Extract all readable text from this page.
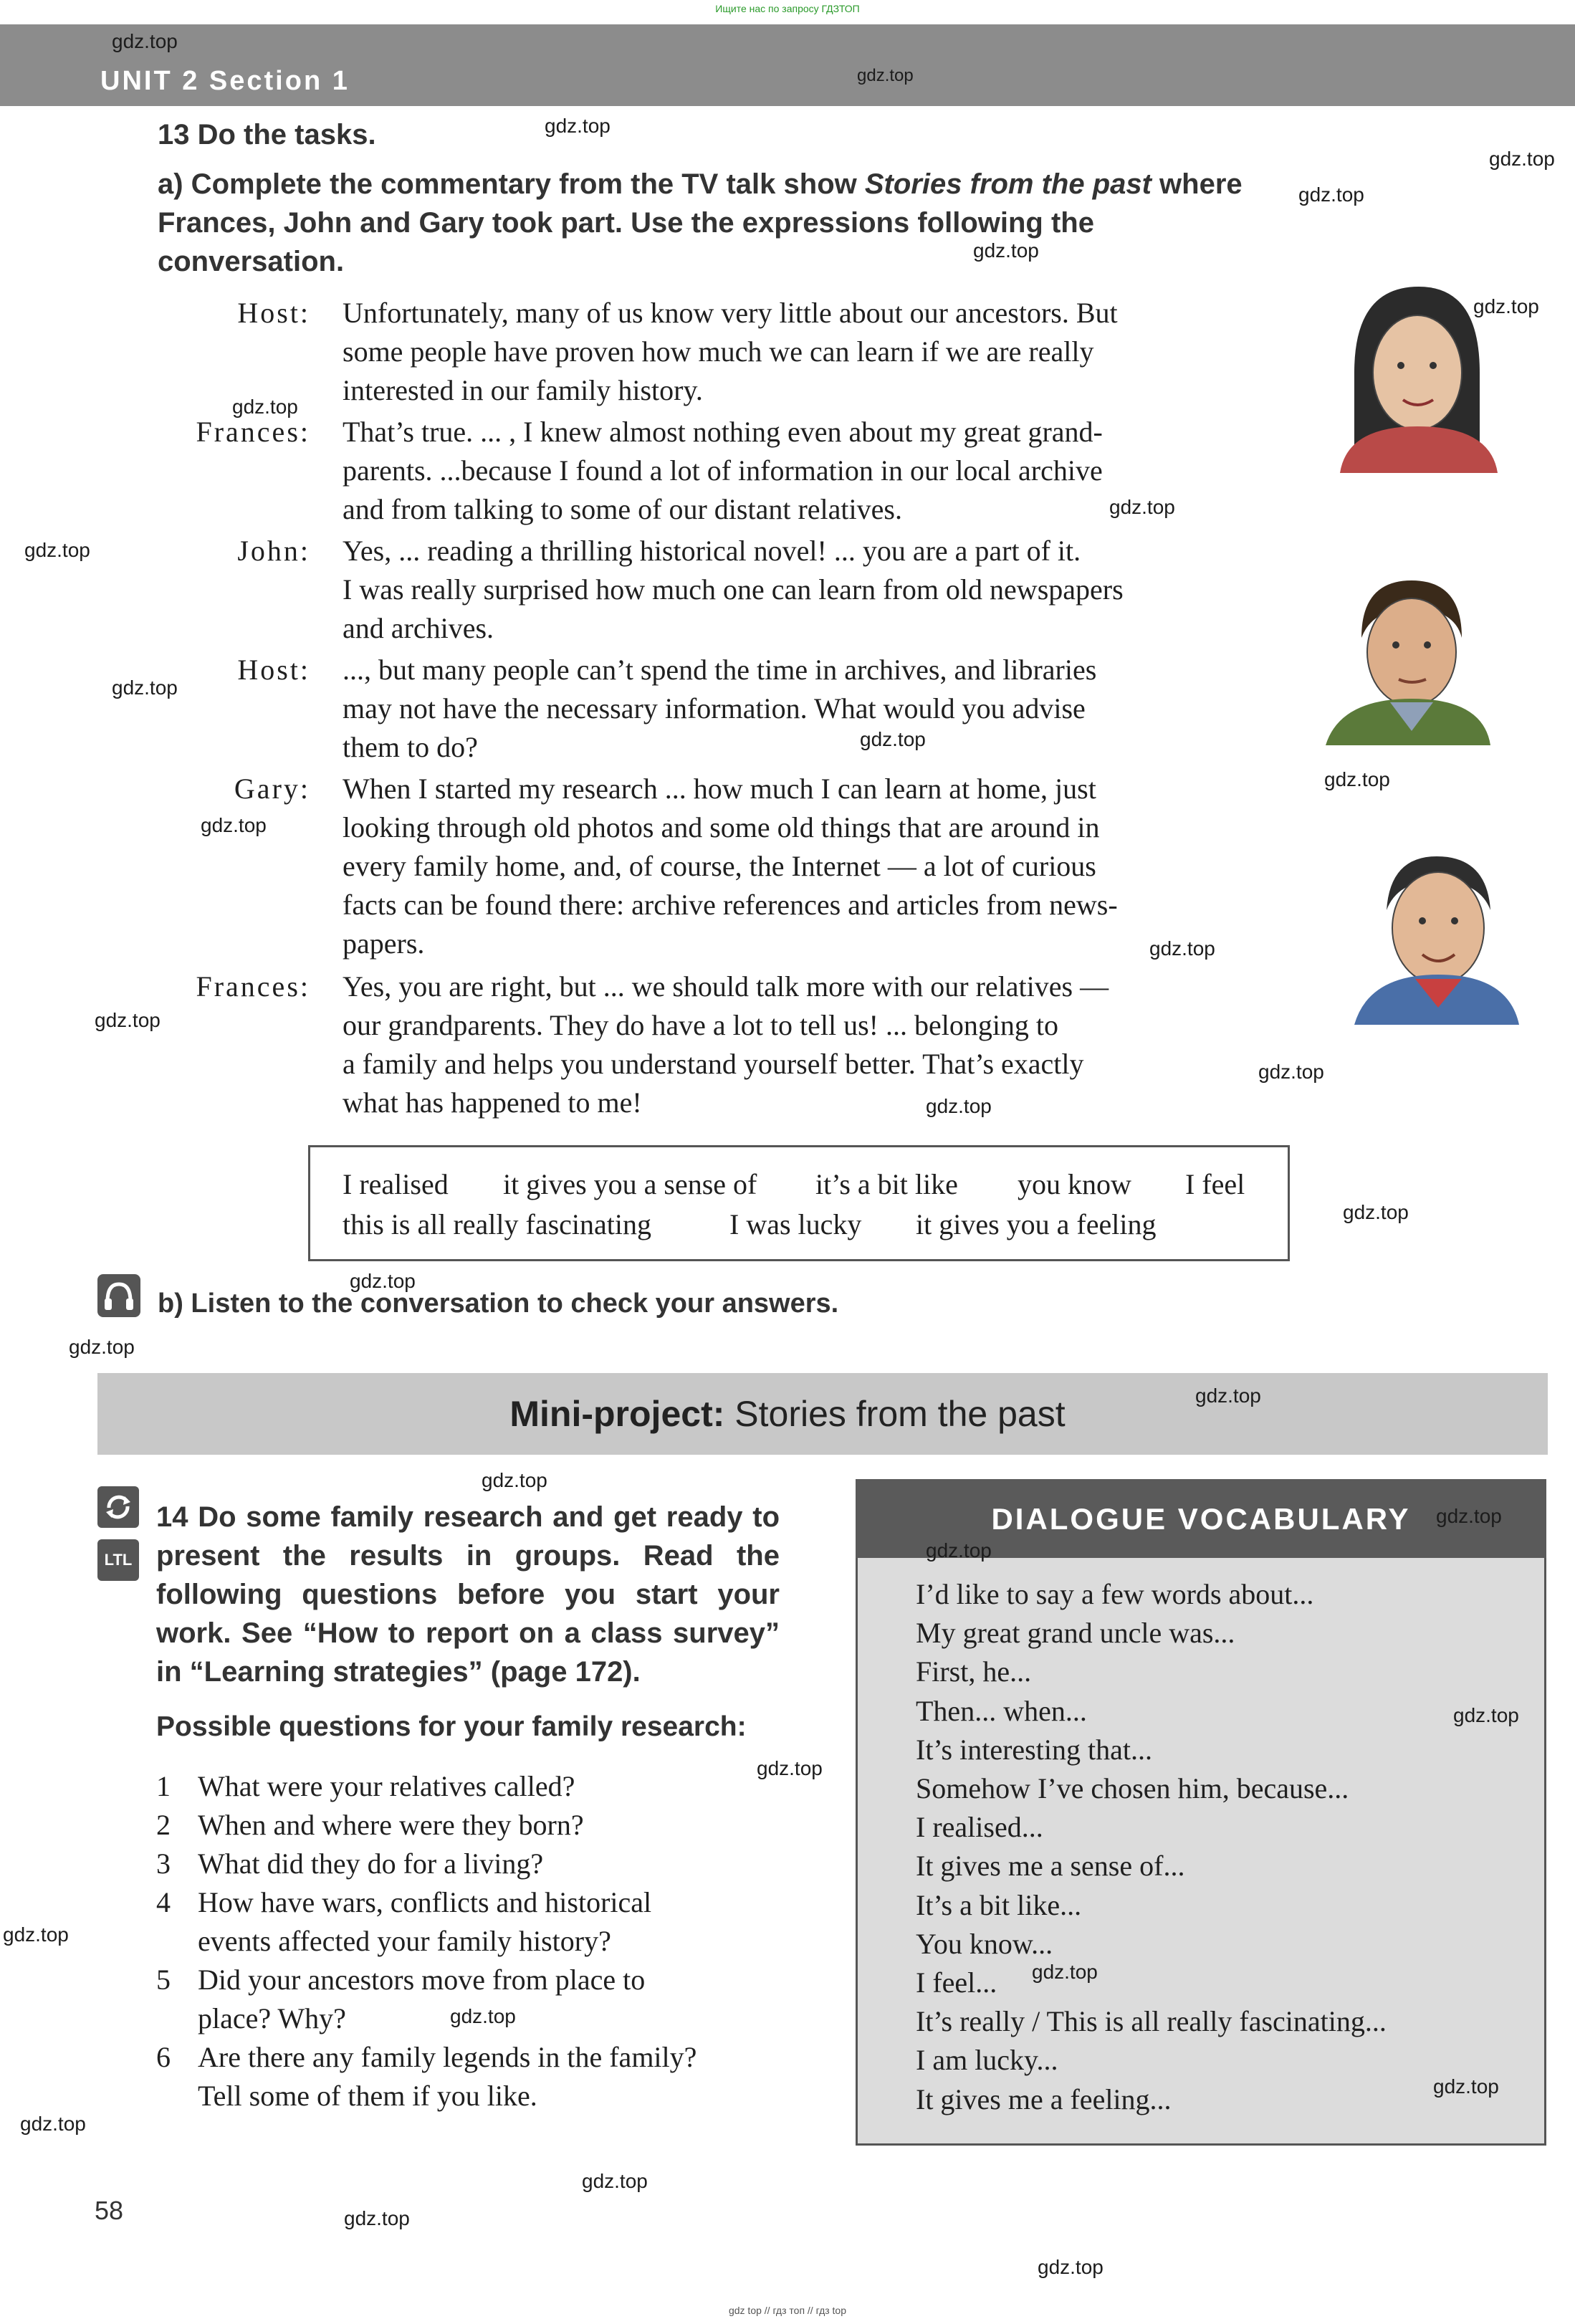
Ищите нас по запросу ГДЗТОП
UNIT 2 Section 1
13 Do the tasks.
a) Complete the commentary from the TV talk show Stories from the past where Frances, John and Gary took part. Use the expressions following the conversation.
Host: Unfortunately, many of us know very little about our ancestors. But
some people have proven how much we can learn if we are really
interested in our family history.
Frances: That’s true. ... , I knew almost nothing even about my great grand-
parents. ...because I found a lot of information in our local archive
and from talking to some of our distant relatives.
John: Yes, ... reading a thrilling historical novel! ... you are a part of it.
I was really surprised how much one can learn from old newspapers
and archives.
Host: ..., but many people can’t spend the time in archives, and libraries
may not have the necessary information. What would you advise
them to do?
Gary: When I started my research ... how much I can learn at home, just
looking through old photos and some old things that are around in
every family home, and, of course, the Internet — a lot of curious
facts can be found there: archive references and articles from news-
papers.
Frances: Yes, you are right, but ... we should talk more with our relatives —
our grandparents. They do have a lot to tell us! ... belonging to
a family and helps you understand yourself better. That’s exactly
what has happened to me!
I realised it gives you a sense of it’s a bit like you know I feel
this is all really fascinating	I was lucky it gives you a feeling
b) Listen to the conversation to check your answers.
Mini-project: Stories from the past
LTL
14 Do some family research and get ready to present the results in groups. Read the following questions before you start your work. See “How to report on a class survey” in “Learning strategies” (page 172).
Possible questions for your family research:
1 What were your relatives called?
2 When and where were they born?
3 What did they do for a living?
4 How have wars, conflicts and historical
events affected your family history?
5 Did your ancestors move from place to
place? Why?
6 Are there any family legends in the family?
Tell some of them if you like.
DIALOGUE VOCABULARY
I’d like to say a few words about...
My great grand uncle was...
First, he...
Then... when...
It’s interesting that...
Somehow I’ve chosen him, because...
I realised...
It gives me a sense of...
It’s a bit like...
You know...
I feel...
It’s really / This is all really fascinating...
I am lucky...
It gives me a feeling...
58
gdz.top
gdz.top
gdz.top
gdz.top
gdz.top
gdz.top
gdz.top
gdz.top
gdz.top
gdz.top
gdz.top
gdz.top
gdz.top
gdz.top
gdz.top
gdz.top
gdz.top
gdz.top
gdz.top
gdz.top
gdz.top
gdz.top
gdz.top
gdz.top
gdz.top
gdz.top
gdz.top
gdz.top
gdz.top
gdz.top
gdz.top
gdz.top
gdz.top
gdz.top
gdz.top
gdz top // гдз топ // гдз top
